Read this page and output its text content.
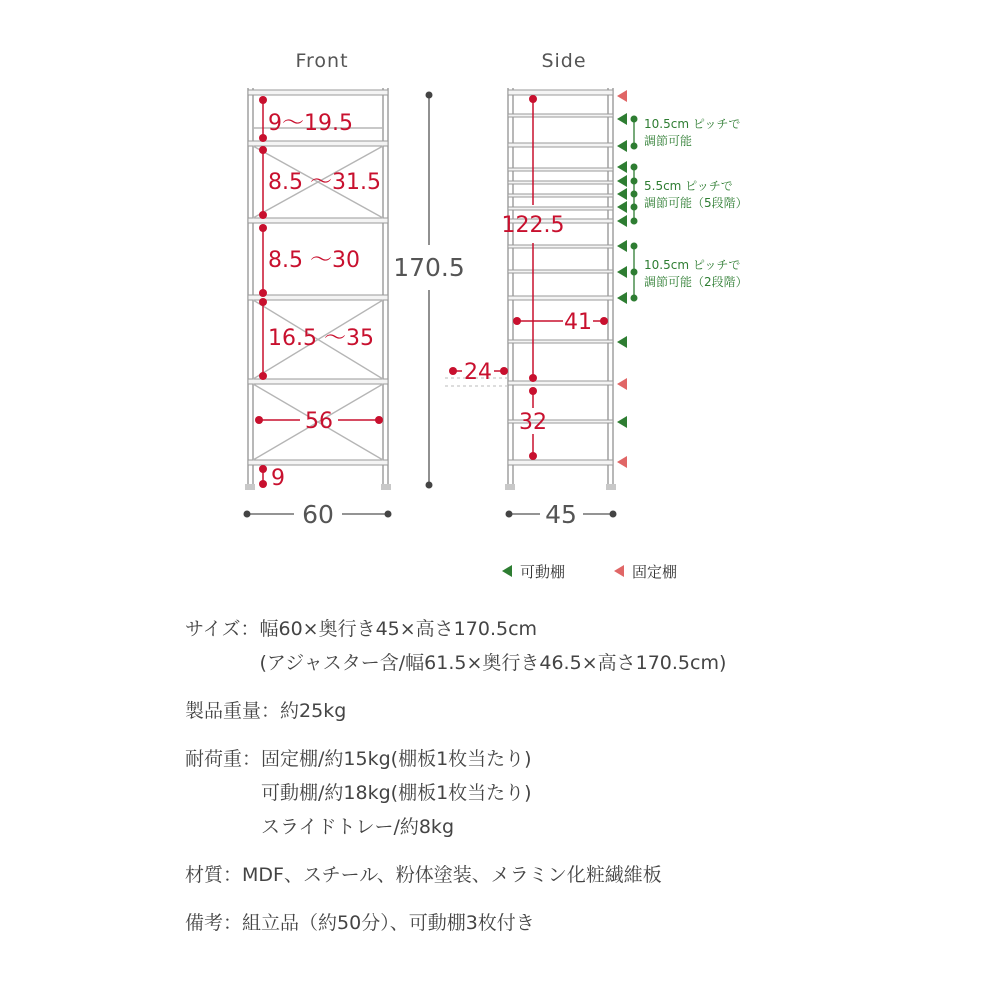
Front
9〜19.5
8.5 〜31.5
8.5 〜30
16.5 〜35
56
9
60
170.5
Side
122.5
41
24
32
45
10.5cm ピッチで
調節可能
5.5cm ピッチで
調節可能（5段階）
10.5cm ピッチで
調節可能（2段階）
可動棚	固定棚
サイズ： 幅60×奥行き45×高さ170.5cm
(アジャスター含/幅61.5×奥行き46.5×高さ170.5cm)
製品重量： 約25kg
耐荷重： 固定棚/約15kg(棚板1枚当たり)
可動棚/約18kg(棚板1枚当たり)
スライドトレー/約8kg
材質： MDF、スチール、粉体塗装、メラミン化粧繊維板
備考： 組立品（約50分）、可動棚3枚付き
